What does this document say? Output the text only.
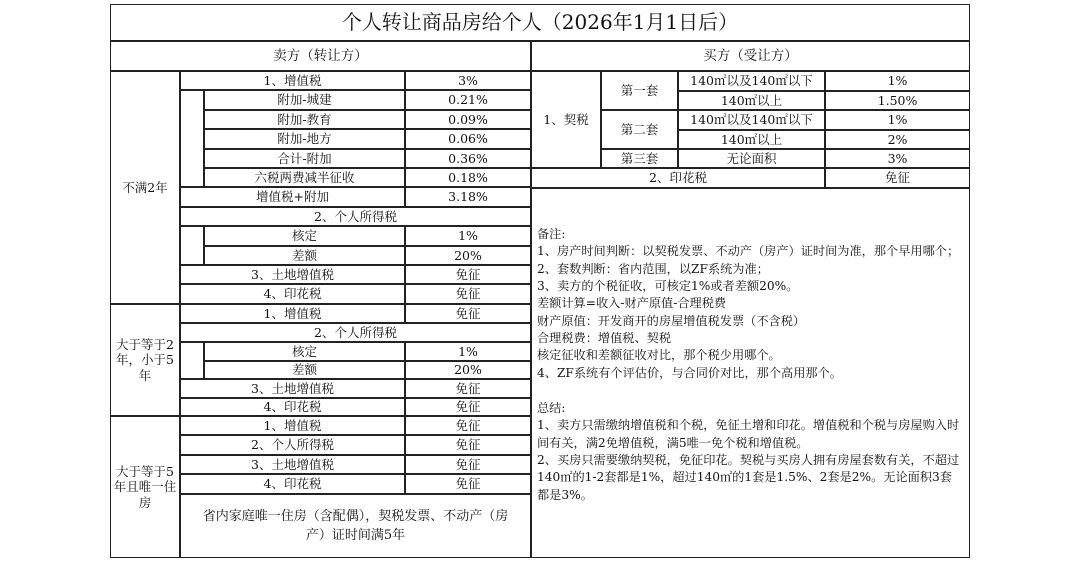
个人转让商品房给个人（2026年1月1日后）
卖方（转让方）	买方（受让方）
不满2年
1、增值税	3%
附加-城建	0.21%
附加-教育	0.09%
附加-地方	0.06%
合计-附加	0.36%
六税两费减半征收	0.18%
增值税+附加	3.18%
2、个人所得税
核定	1%
差额	20%
3、土地增值税	免征
4、印花税	免征
大于等于2年，小于5年
1、增值税	免征
2、个人所得税
核定	1%
差额	20%
3、土地增值税	免征
4、印花税	免征
大于等于5年且唯一住房
1、增值税	免征
2、个人所得税	免征
3、土地增值税	免征
4、印花税	免征
省内家庭唯一住房（含配偶），契税发票、不动产（房产）证时间满5年
1、契税
第一套
140㎡以及140㎡以下	1%
140㎡以上	1.50%
第二套
140㎡以及140㎡以下	1%
140㎡以上	2%
第三套	无论面积	3%
2、印花税	免征

备注:

1、房产时间判断：以契税发票、不动产（房产）证时间为准，那个早用哪个；

2、套数判断：省内范围，以ZF系统为准；

3、卖方的个税征收，可核定1%或者差额20%。

差额计算=收入-财产原值-合理税费

财产原值：开发商开的房屋增值税发票（不含税）

合理税费：增值税、契税

核定征收和差额征收对比，那个税少用哪个。

4、ZF系统有个评估价，与合同价对比，那个高用那个。

总结:

1、卖方只需缴纳增值税和个税，免征土增和印花。增值税和个税与房屋购入时间有关，满2免增值税，满5唯一免个税和增值税。

2、买房只需要缴纳契税，免征印花。契税与买房人拥有房屋套数有关，不超过140㎡的1-2套都是1%，超过140㎡的1套是1.5%、2套是2%。无论面积3套都是3%。
